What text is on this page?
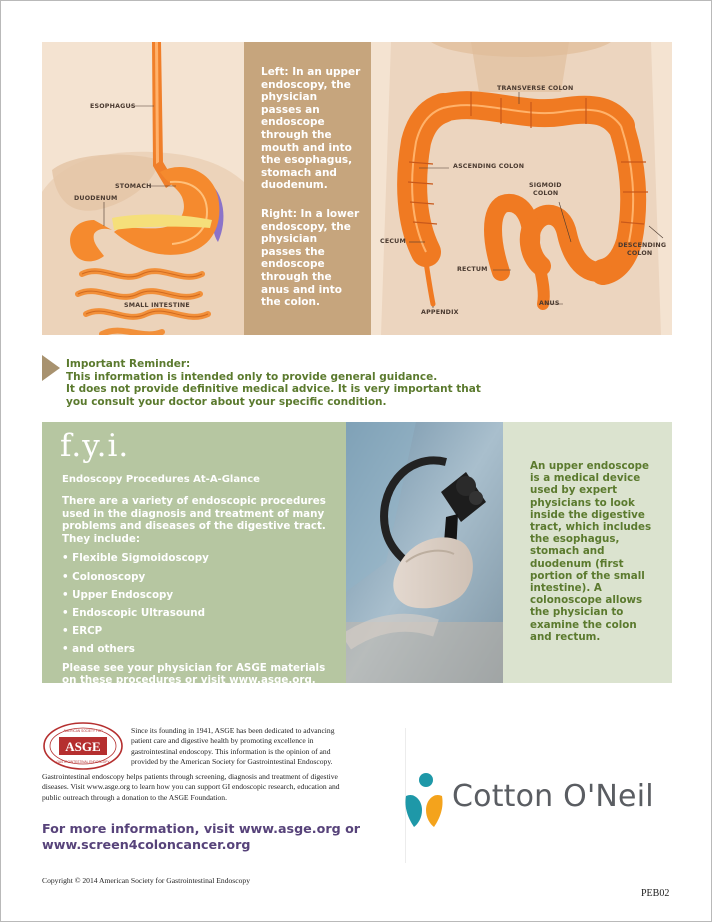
ESOPHAGUS
STOMACH
DUODENUM
SMALL INTESTINE

Left: In an upper endoscopy, the physician passes an endoscope through the mouth and into the esophagus, stomach and duodenum.

Right: In a lower endoscopy, the physician passes the endoscope through the anus and into the colon.

TRANSVERSE COLON
ASCENDING COLON
SIGMOID
COLON
DESCENDING
COLON
CECUM
RECTUM
ANUS
APPENDIX
Important Reminder:
This information is intended only to provide general guidance.
It does not provide definitive medical advice. It is very important that
you consult your doctor about your specific condition.
f.y.i.
Endoscopy Procedures At-A-Glance
There are a variety of endoscopic procedures used in the diagnosis and treatment of many problems and diseases of the digestive tract. They include:
• Flexible Sigmoidoscopy
• Colonoscopy
• Upper Endoscopy
• Endoscopic Ultrasound
• ERCP
• and others
Please see your physician for ASGE materials on these procedures or visit www.asge.org.
An upper endoscope is a medical device used by expert physicians to look inside the digestive tract, which includes the esophagus, stomach and duodenum (first portion of the small intestine). A colonoscope allows the physician to examine the colon and rectum.
ASGE
AMERICAN SOCIETY FOR
GASTROINTESTINAL ENDOSCOPY
Since its founding in 1941, ASGE has been dedicated to advancing patient care and digestive health by promoting excellence in gastrointestinal endoscopy. This information is the opinion of and provided by the American Society for Gastrointestinal Endoscopy.
Gastrointestinal endoscopy helps patients through screening, diagnosis and treatment of digestive diseases. Visit www.asge.org to learn how you can support GI endoscopic research, education and public outreach through a donation to the ASGE Foundation.
For more information, visit www.asge.org or
www.screen4coloncancer.org
Cotton O'Neil
Copyright © 2014 American Society for Gastrointestinal Endoscopy
PEB02
